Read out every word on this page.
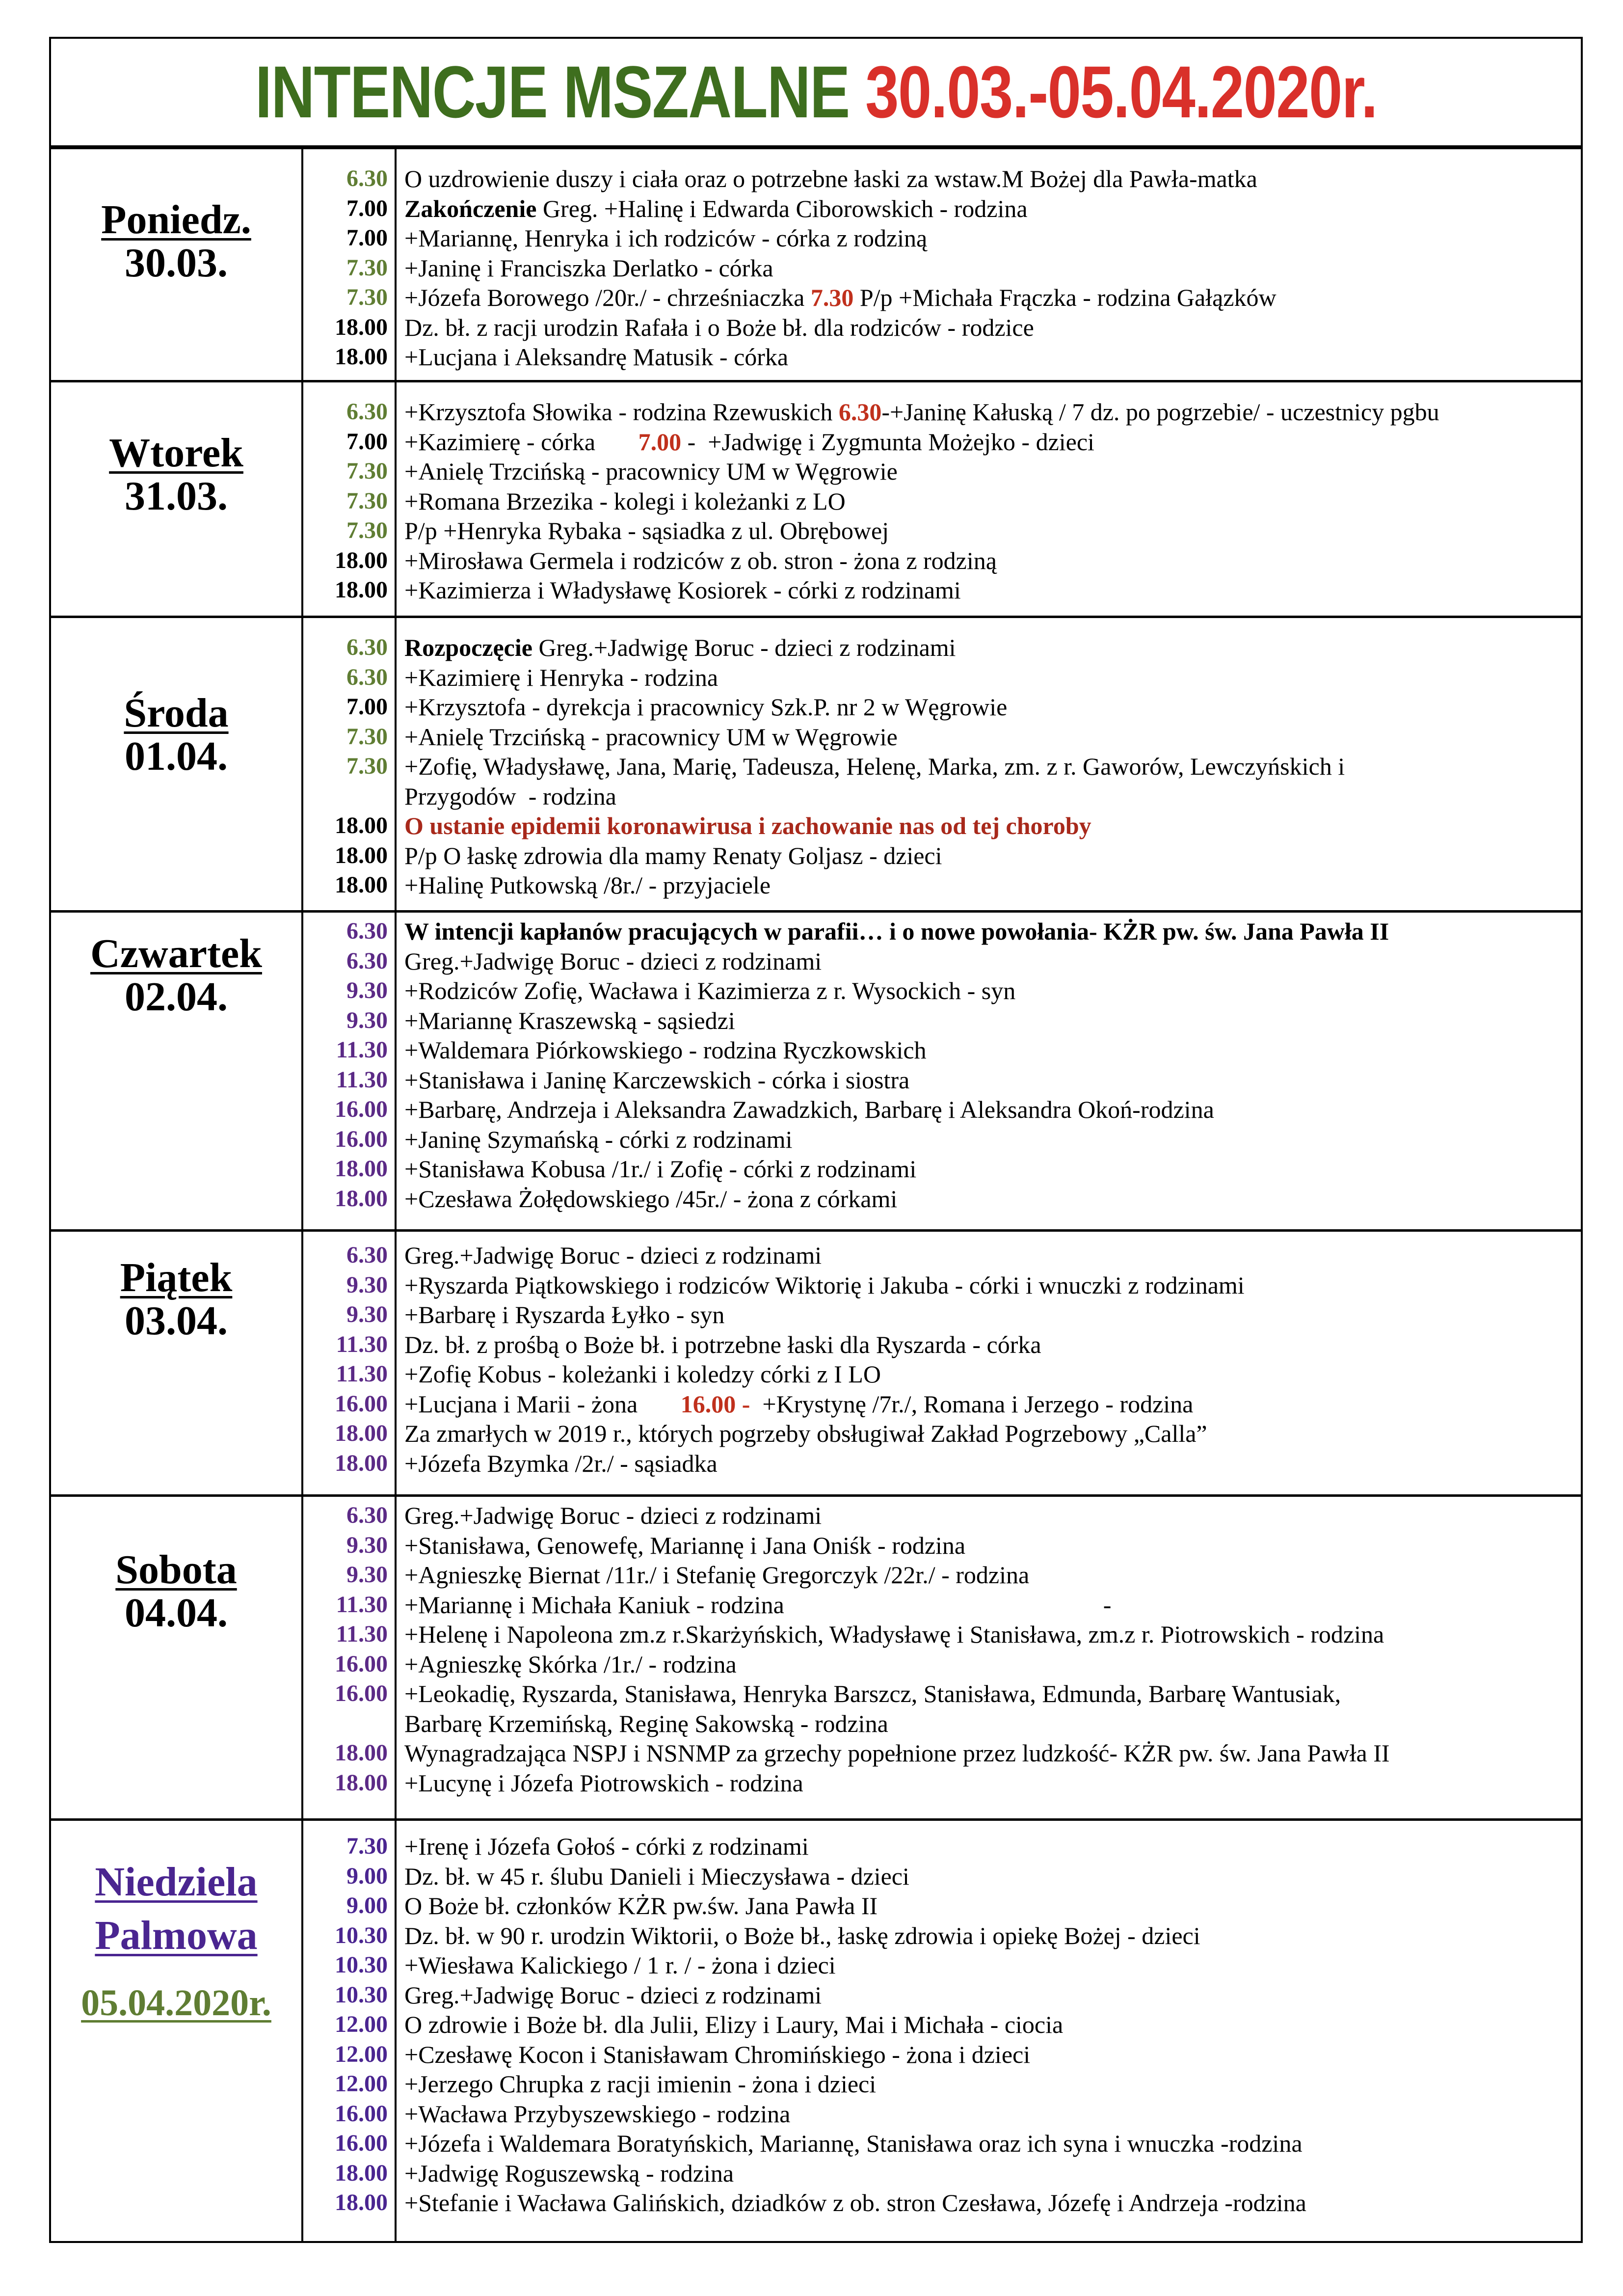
INTENCJE MSZALNE 30.03.-05.04.2020r.
Poniedz.
30.03.
6.30
7.00
7.00
7.30
7.30
18.00
18.00
O uzdrowienie duszy i ciała oraz o potrzebne łaski za wstaw.M Bożej dla Pawła-matka
Zakończenie Greg. +Halinę i Edwarda Ciborowskich - rodzina
+Mariannę, Henryka i ich rodziców - córka z rodziną
+Janinę i Franciszka Derlatko - córka
+Józefa Borowego /20r./ - chrześniaczka 7.30 P/p +Michała Frączka - rodzina Gałązków
Dz. bł. z racji urodzin Rafała i o Boże bł. dla rodziców - rodzice
+Lucjana i Aleksandrę Matusik - córka
Wtorek
31.03.
6.30
7.00
7.30
7.30
7.30
18.00
18.00
+Krzysztofa Słowika - rodzina Rzewuskich 6.30-+Janinę Kałuską / 7 dz. po pogrzebie/ - uczestnicy pgbu
+Kazimierę - córka       7.00 -  +Jadwigę i Zygmunta Możejko - dzieci
+Anielę Trzcińską - pracownicy UM w Węgrowie
+Romana Brzezika - kolegi i koleżanki z LO
P/p +Henryka Rybaka - sąsiadka z ul. Obrębowej
+Mirosława Germela i rodziców z ob. stron - żona z rodziną
+Kazimierza i Władysławę Kosiorek - córki z rodzinami
Środa
01.04.
6.30
6.30
7.00
7.30
7.30
18.00
18.00
18.00
Rozpoczęcie Greg.+Jadwigę Boruc - dzieci z rodzinami
+Kazimierę i Henryka - rodzina
+Krzysztofa - dyrekcja i pracownicy Szk.P. nr 2 w Węgrowie
+Anielę Trzcińską - pracownicy UM w Węgrowie
+Zofię, Władysławę, Jana, Marię, Tadeusza, Helenę, Marka, zm. z r. Gaworów, Lewczyńskich i
Przygodów  - rodzina
O ustanie epidemii koronawirusa i zachowanie nas od tej choroby
P/p O łaskę zdrowia dla mamy Renaty Goljasz - dzieci
+Halinę Putkowską /8r./ - przyjaciele
Czwartek
02.04.
6.30
6.30
9.30
9.30
11.30
11.30
16.00
16.00
18.00
18.00
W intencji kapłanów pracujących w parafii… i o nowe powołania- KŻR pw. św. Jana Pawła II
Greg.+Jadwigę Boruc - dzieci z rodzinami
+Rodziców Zofię, Wacława i Kazimierza z r. Wysockich - syn
+Mariannę Kraszewską - sąsiedzi
+Waldemara Piórkowskiego - rodzina Ryczkowskich
+Stanisława i Janinę Karczewskich - córka i siostra
+Barbarę, Andrzeja i Aleksandra Zawadzkich, Barbarę i Aleksandra Okoń-rodzina
+Janinę Szymańską - córki z rodzinami
+Stanisława Kobusa /1r./ i Zofię - córki z rodzinami
+Czesława Żołędowskiego /45r./ - żona z córkami
Piątek
03.04.
6.30
9.30
9.30
11.30
11.30
16.00
18.00
18.00
Greg.+Jadwigę Boruc - dzieci z rodzinami
+Ryszarda Piątkowskiego i rodziców Wiktorię i Jakuba - córki i wnuczki z rodzinami
+Barbarę i Ryszarda Łyłko - syn
Dz. bł. z prośbą o Boże bł. i potrzebne łaski dla Ryszarda - córka
+Zofię Kobus - koleżanki i koledzy córki z I LO
+Lucjana i Marii - żona       16.00 -  +Krystynę /7r./, Romana i Jerzego - rodzina
Za zmarłych w 2019 r., których pogrzeby obsługiwał Zakład Pogrzebowy „Calla”
+Józefa Bzymka /2r./ - sąsiadka
Sobota
04.04.
6.30
9.30
9.30
11.30
11.30
16.00
16.00
18.00
18.00
Greg.+Jadwigę Boruc - dzieci z rodzinami
+Stanisława, Genowefę, Mariannę i Jana Oniśk - rodzina
+Agnieszkę Biernat /11r./ i Stefanię Gregorczyk /22r./ - rodzina
+Mariannę i Michała Kaniuk - rodzina                                                    -
+Helenę i Napoleona zm.z r.Skarżyńskich, Władysławę i Stanisława, zm.z r. Piotrowskich - rodzina
+Agnieszkę Skórka /1r./ - rodzina
+Leokadię, Ryszarda, Stanisława, Henryka Barszcz, Stanisława, Edmunda, Barbarę Wantusiak,
Barbarę Krzemińską, Reginę Sakowską - rodzina
Wynagradzająca NSPJ i NSNMP za grzechy popełnione przez ludzkość- KŻR pw. św. Jana Pawła II
+Lucynę i Józefa Piotrowskich - rodzina
Niedziela
Palmowa
05.04.2020r.
7.30
9.00
9.00
10.30
10.30
10.30
12.00
12.00
12.00
16.00
16.00
18.00
18.00
+Irenę i Józefa Gołoś - córki z rodzinami
Dz. bł. w 45 r. ślubu Danieli i Mieczysława - dzieci
O Boże bł. członków KŻR pw.św. Jana Pawła II
Dz. bł. w 90 r. urodzin Wiktorii, o Boże bł., łaskę zdrowia i opiekę Bożej - dzieci
+Wiesława Kalickiego / 1 r. / - żona i dzieci
Greg.+Jadwigę Boruc - dzieci z rodzinami
O zdrowie i Boże bł. dla Julii, Elizy i Laury, Mai i Michała - ciocia
+Czesławę Kocon i Stanisławam Chromińskiego - żona i dzieci
+Jerzego Chrupka z racji imienin - żona i dzieci
+Wacława Przybyszewskiego - rodzina
+Józefa i Waldemara Boratyńskich, Mariannę, Stanisława oraz ich syna i wnuczka -rodzina
+Jadwigę Roguszewską - rodzina
+Stefanie i Wacława Galińskich, dziadków z ob. stron Czesława, Józefę i Andrzeja -rodzina
